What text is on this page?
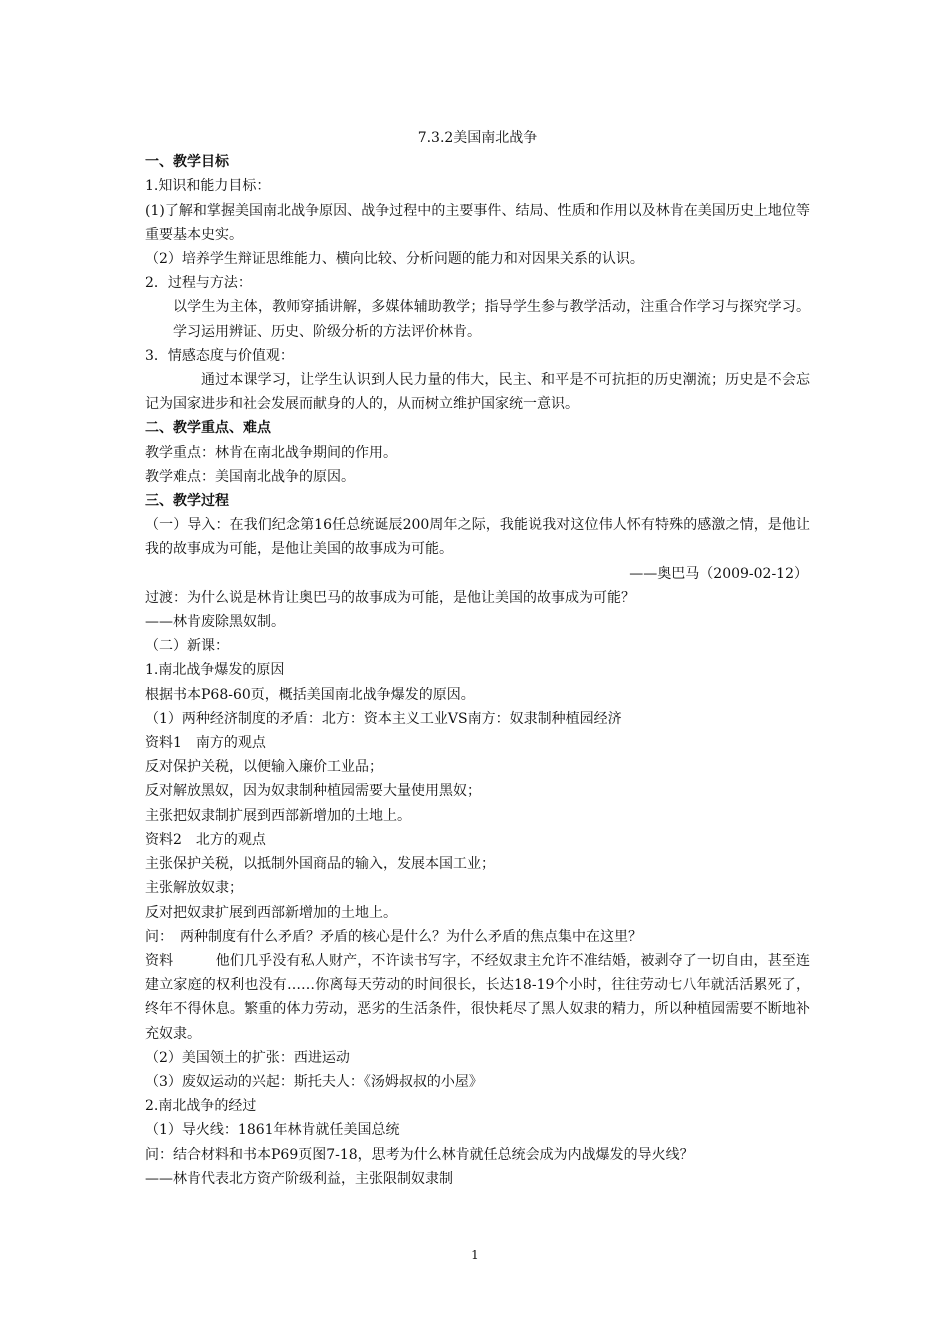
7.3.2美国南北战争
一、教学目标
1.知识和能力目标：
(1)了解和掌握美国南北战争原因、战争过程中的主要事件、结局、性质和作用以及林肯在美国历史上地位等重要基本史实。
（2）培养学生辩证思维能力、横向比较、分析问题的能力和对因果关系的认识。
2．过程与方法：
以学生为主体，教师穿插讲解，多媒体辅助教学；指导学生参与教学活动，注重合作学习与探究学习。学习运用辨证、历史、阶级分析的方法评价林肯。
3．情感态度与价值观：
通过本课学习，让学生认识到人民力量的伟大，民主、和平是不可抗拒的历史潮流；历史是不会忘记为国家进步和社会发展而献身的人的，从而树立维护国家统一意识。
二、教学重点、难点
教学重点：林肯在南北战争期间的作用。
教学难点：美国南北战争的原因。
三、教学过程
（一）导入：在我们纪念第16任总统诞辰200周年之际，我能说我对这位伟人怀有特殊的感激之情，是他让我的故事成为可能，是他让美国的故事成为可能。
——奥巴马（2009-02-12）
过渡：为什么说是林肯让奥巴马的故事成为可能，是他让美国的故事成为可能？
——林肯废除黑奴制。
（二）新课：
1.南北战争爆发的原因
根据书本P68-60页，概括美国南北战争爆发的原因。
（1）两种经济制度的矛盾：北方：资本主义工业VS南方：奴隶制种植园经济
资料1　南方的观点
反对保护关税，以便输入廉价工业品；
反对解放黑奴，因为奴隶制种植园需要大量使用黑奴；
主张把奴隶制扩展到西部新增加的土地上。
资料2　北方的观点
主张保护关税，以抵制外国商品的输入，发展本国工业；
主张解放奴隶；
反对把奴隶扩展到西部新增加的土地上。
问：　两种制度有什么矛盾？矛盾的核心是什么？为什么矛盾的焦点集中在这里？
资料　　　他们几乎没有私人财产，不许读书写字，不经奴隶主允许不准结婚，被剥夺了一切自由，甚至连建立家庭的权利也没有……你离每天劳动的时间很长，长达18-19个小时，往往劳动七八年就活活累死了，终年不得休息。繁重的体力劳动，恶劣的生活条件，很快耗尽了黑人奴隶的精力，所以种植园需要不断地补充奴隶。
（2）美国领土的扩张：西进运动
（3）废奴运动的兴起：斯托夫人：《汤姆叔叔的小屋》
2.南北战争的经过
（1）导火线：1861年林肯就任美国总统
问：结合材料和书本P69页图7-18，思考为什么林肯就任总统会成为内战爆发的导火线？
——林肯代表北方资产阶级利益，主张限制奴隶制
1
